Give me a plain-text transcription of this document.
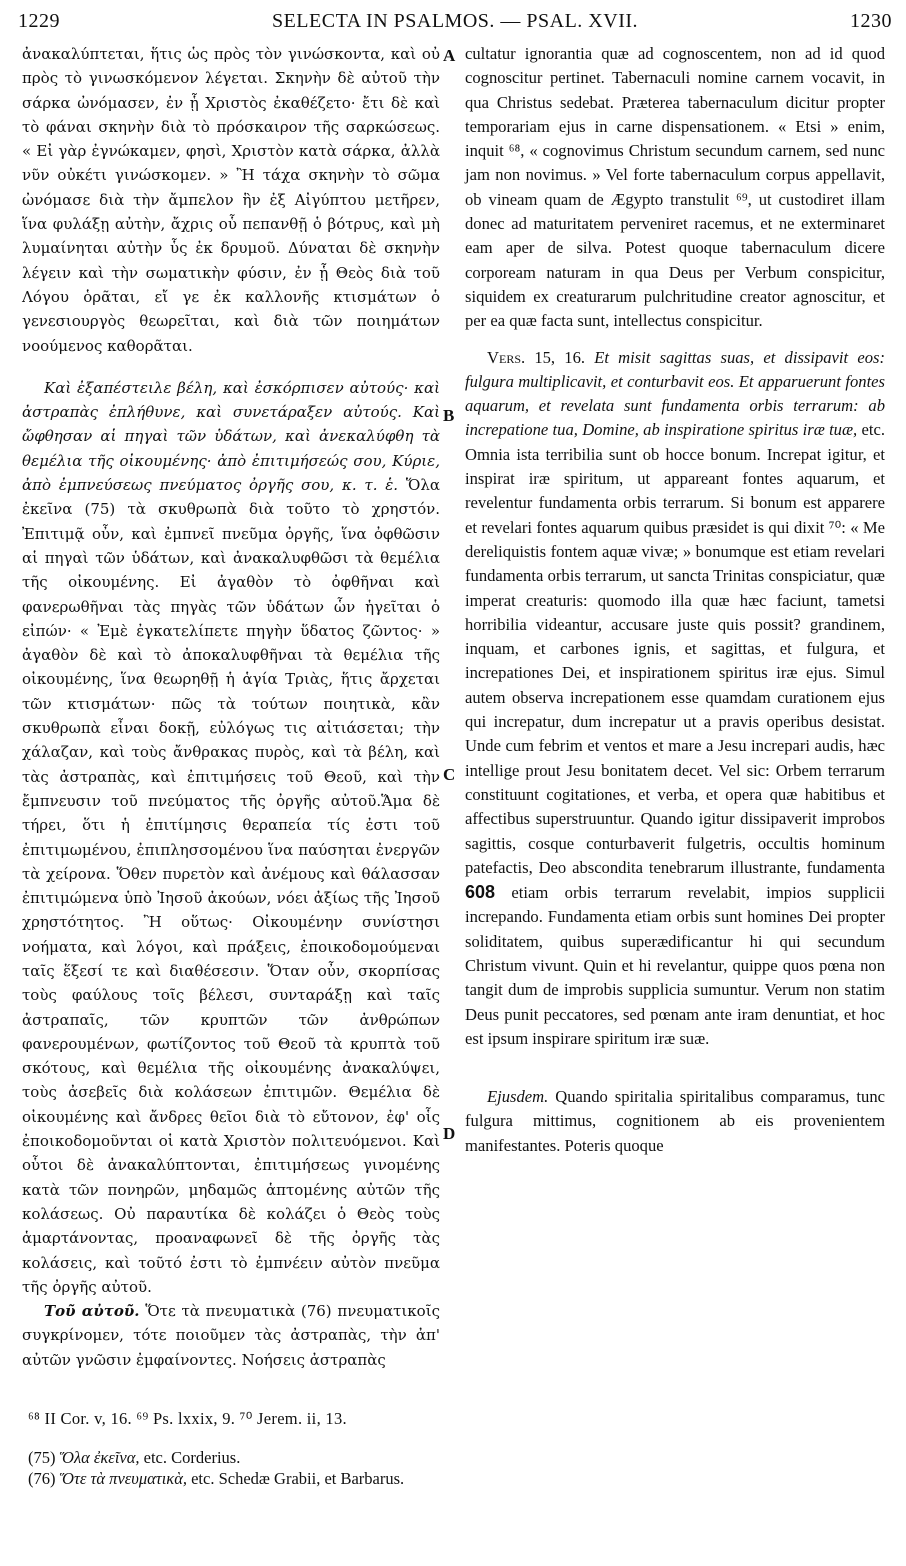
1229	SELECTA IN PSALMOS. — PSAL. XVII.	1230
A
B
C
D

ἀνακαλύπτεται, ἥτις ὡς πρὸς τὸν γινώσκοντα, καὶ οὐ πρὸς τὸ γινωσκόμενον λέγεται. Σκηνὴν δὲ αὐτοῦ τὴν σάρκα ὠνόμασεν, ἐν ᾗ Χριστὸς ἐκαθέζετο· ἔτι δὲ καὶ τὸ φάναι σκηνὴν διὰ τὸ πρόσκαιρον τῆς σαρκώσεως. « Εἰ γὰρ ἐγνώκαμεν, φησὶ, Χριστὸν κατὰ σάρκα, ἀλλὰ νῦν οὐκέτι γινώσκομεν. » Ἢ τάχα σκηνὴν τὸ σῶμα ὠνόμασε διὰ τὴν ἄμπελον ἣν ἐξ Αἰγύπτου μετῆρεν, ἵνα φυλάξῃ αὐτὴν, ἄχρις οὗ πεπανθῇ ὁ βότρυς, καὶ μὴ λυμαίνηται αὐτὴν ὗς ἐκ δρυμοῦ. Δύναται δὲ σκηνὴν λέγειν καὶ τὴν σωματικὴν φύσιν, ἐν ᾗ Θεὸς διὰ τοῦ Λόγου ὁρᾶται, εἴ γε ἐκ καλλονῆς κτισμάτων ὁ γενεσιουργὸς θεωρεῖται, καὶ διὰ τῶν ποιημάτων νοούμενος καθορᾶται.

Καὶ ἐξαπέστειλε βέλη, καὶ ἐσκόρπισεν αὐτούς· καὶ ἀστραπὰς ἐπλήθυνε, καὶ συνετάραξεν αὐτούς. Καὶ ὤφθησαν αἱ πηγαὶ τῶν ὑδάτων, καὶ ἀνεκαλύφθη τὰ θεμέλια τῆς οἰκουμένης· ἀπὸ ἐπιτιμήσεώς σου, Κύριε, ἀπὸ ἐμπνεύσεως πνεύματος ὀργῆς σου, κ. τ. ἑ. Ὅλα ἐκεῖνα (75) τὰ σκυθρωπὰ διὰ τοῦτο τὸ χρηστόν. Ἐπιτιμᾷ οὖν, καὶ ἐμπνεῖ πνεῦμα ὀργῆς, ἵνα ὀφθῶσιν αἱ πηγαὶ τῶν ὑδάτων, καὶ ἀνακαλυφθῶσι τὰ θεμέλια τῆς οἰκουμένης. Εἰ ἀγαθὸν τὸ ὀφθῆναι καὶ φανερωθῆναι τὰς πηγὰς τῶν ὑδάτων ὧν ἡγεῖται ὁ εἰπών· « Ἐμὲ ἐγκατελίπετε πηγὴν ὕδατος ζῶντος· » ἀγαθὸν δὲ καὶ τὸ ἀποκαλυφθῆναι τὰ θεμέλια τῆς οἰκουμένης, ἵνα θεωρηθῇ ἡ ἁγία Τριὰς, ἥτις ἄρχεται τῶν κτισμάτων· πῶς τὰ τούτων ποιητικὰ, κἂν σκυθρωπὰ εἶναι δοκῇ, εὐλόγως τις αἰτιάσεται; τὴν χάλαζαν, καὶ τοὺς ἄνθρακας πυρὸς, καὶ τὰ βέλη, καὶ τὰς ἀστραπὰς, καὶ ἐπιτιμήσεις τοῦ Θεοῦ, καὶ τὴν ἔμπνευσιν τοῦ πνεύματος τῆς ὀργῆς αὐτοῦ.Ἅμα δὲ τήρει, ὅτι ἡ ἐπιτίμησις θεραπεία τίς ἐστι τοῦ ἐπιτιμωμένου, ἐπιπλησσομένου ἵνα παύσηται ἐνεργῶν τὰ χείρονα. Ὅθεν πυρετὸν καὶ ἀνέμους καὶ θάλασσαν ἐπιτιμώμενα ὑπὸ Ἰησοῦ ἀκούων, νόει ἀξίως τῆς Ἰησοῦ χρηστότητος. Ἢ οὕτως· Οἰκουμένην συνίστησι νοήματα, καὶ λόγοι, καὶ πράξεις, ἐποικοδομούμεναι ταῖς ἕξεσί τε καὶ διαθέσεσιν. Ὅταν οὖν, σκορπίσας τοὺς φαύλους τοῖς βέλεσι, συνταράξῃ καὶ ταῖς ἀστραπαῖς, τῶν κρυπτῶν τῶν ἀνθρώπων φανερουμένων, φωτίζοντος τοῦ Θεοῦ τὰ κρυπτὰ τοῦ σκότους, καὶ θεμέλια τῆς οἰκουμένης ἀνακαλύψει, τοὺς ἀσεβεῖς διὰ κολάσεων ἐπιτιμῶν. Θεμέλια δὲ οἰκουμένης καὶ ἄνδρες θεῖοι διὰ τὸ εὔτονον, ἐφ' οἷς ἐποικοδομοῦνται οἱ κατὰ Χριστὸν πολιτευόμενοι. Καὶ οὗτοι δὲ ἀνακαλύπτονται, ἐπιτιμήσεως γινομένης κατὰ τῶν πονηρῶν, μηδαμῶς ἁπτομένης αὐτῶν τῆς κολάσεως. Οὐ παραυτίκα δὲ κολάζει ὁ Θεὸς τοὺς ἁμαρτάνοντας, προαναφωνεῖ δὲ τῆς ὀργῆς τὰς κολάσεις, καὶ τοῦτό ἐστι τὸ ἐμπνέειν αὐτὸν πνεῦμα τῆς ὀργῆς αὐτοῦ.

Τοῦ αὐτοῦ. Ὅτε τὰ πνευματικὰ (76) πνευματικοῖς συγκρίνομεν, τότε ποιοῦμεν τὰς ἀστραπὰς, τὴν ἀπ' αὐτῶν γνῶσιν ἐμφαίνοντες. Νοήσεις ἀστραπὰς

cultatur ignorantia quæ ad cognoscentem, non ad id quod cognoscitur pertinet. Tabernaculi nomine carnem vocavit, in qua Christus sedebat. Præterea tabernaculum dicitur propter temporariam ejus in carne dispensationem. « Etsi » enim, inquit ⁶⁸, « cognovimus Christum secundum carnem, sed nunc jam non novimus. » Vel forte tabernaculum corpus appellavit, ob vineam quam de Ægypto transtulit ⁶⁹, ut custodiret illam donec ad maturitatem perveniret racemus, et ne exterminaret eam aper de silva. Potest quoque tabernaculum dicere corpoream naturam in qua Deus per Verbum conspicitur, siquidem ex creaturarum pulchritudine creator agnoscitur, et per ea quæ facta sunt, intellectus conspicitur.

Vers. 15, 16. Et misit sagittas suas, et dissipavit eos: fulgura multiplicavit, et conturbavit eos. Et apparuerunt fontes aquarum, et revelata sunt fundamenta orbis terrarum: ab increpatione tua, Domine, ab inspiratione spiritus iræ tuæ, etc. Omnia ista terribilia sunt ob hocce bonum. Increpat igitur, et inspirat iræ spiritum, ut appareant fontes aquarum, et revelentur fundamenta orbis terrarum. Si bonum est apparere et revelari fontes aquarum quibus præsidet is qui dixit ⁷⁰: « Me dereliquistis fontem aquæ vivæ; » bonumque est etiam revelari fundamenta orbis terrarum, ut sancta Trinitas conspiciatur, quæ imperat creaturis: quomodo illa quæ hæc faciunt, tametsi horribilia videantur, accusare juste quis possit? grandinem, inquam, et carbones ignis, et sagittas, et fulgura, et increpationes Dei, et inspirationem spiritus iræ ejus. Simul autem observa increpationem esse quamdam curationem ejus qui increpatur, dum increpatur ut a pravis operibus desistat. Unde cum febrim et ventos et mare a Jesu increpari audis, hæc intellige prout Jesu bonitatem decet. Vel sic: Orbem terrarum constituunt cogitationes, et verba, et opera quæ habitibus et affectibus superstruuntur. Quando igitur dissipaverit improbos sagittis, cosque conturbaverit fulgetris, occultis hominum patefactis, Deo abscondita tenebrarum illustrante, fundamenta 608 etiam orbis terrarum revelabit, impios supplicii increpando. Fundamenta etiam orbis sunt homines Dei propter soliditatem, quibus superædificantur hi qui secundum Christum vivunt. Quin et hi revelantur, quippe quos pœna non tangit dum de improbis supplicia sumuntur. Verum non statim Deus punit peccatores, sed pœnam ante iram denuntiat, et hoc est ipsum inspirare spiritum iræ suæ.

Ejusdem. Quando spiritalia spiritalibus comparamus, tunc fulgura mittimus, cognitionem ab eis provenientem manifestantes. Poteris quoque

⁶⁸ II Cor. v, 16. ⁶⁹ Ps. lxxix, 9. ⁷⁰ Jerem. ii, 13.

(75) Ὅλα ἐκεῖνα, etc. Corderius.

(76) Ὅτε τὰ πνευματικὰ, etc. Schedæ Grabii, et Barbarus.
